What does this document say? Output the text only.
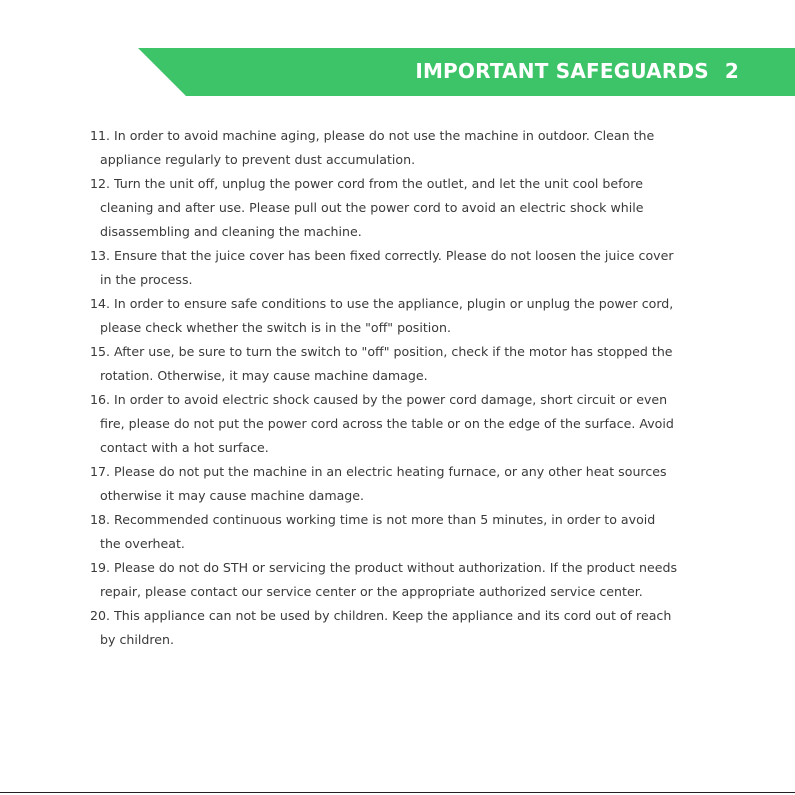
IMPORTANT SAFEGUARDS 2

11. In order to avoid machine aging, please do not use the machine in outdoor. Clean the
appliance regularly to prevent dust accumulation.

12. Turn the unit off, unplug the power cord from the outlet, and let the unit cool before
cleaning and after use. Please pull out the power cord to avoid an electric shock while
disassembling and cleaning the machine.

13. Ensure that the juice cover has been fixed correctly. Please do not loosen the juice cover
in the process.

14. In order to ensure safe conditions to use the appliance, plugin or unplug the power cord,
please check whether the switch is in the "off" position.

15. After use, be sure to turn the switch to "off" position, check if the motor has stopped the
rotation. Otherwise, it may cause machine damage.

16. In order to avoid electric shock caused by the power cord damage, short circuit or even
fire, please do not put the power cord across the table or on the edge of the surface. Avoid
contact with a hot surface.

17. Please do not put the machine in an electric heating furnace, or any other heat sources
otherwise it may cause machine damage.

18. Recommended continuous working time is not more than 5 minutes, in order to avoid
the overheat.

19. Please do not do STH or servicing the product without authorization. If the product needs
repair, please contact our service center or the appropriate authorized service center.

20. This appliance can not be used by children. Keep the appliance and its cord out of reach
by children.
